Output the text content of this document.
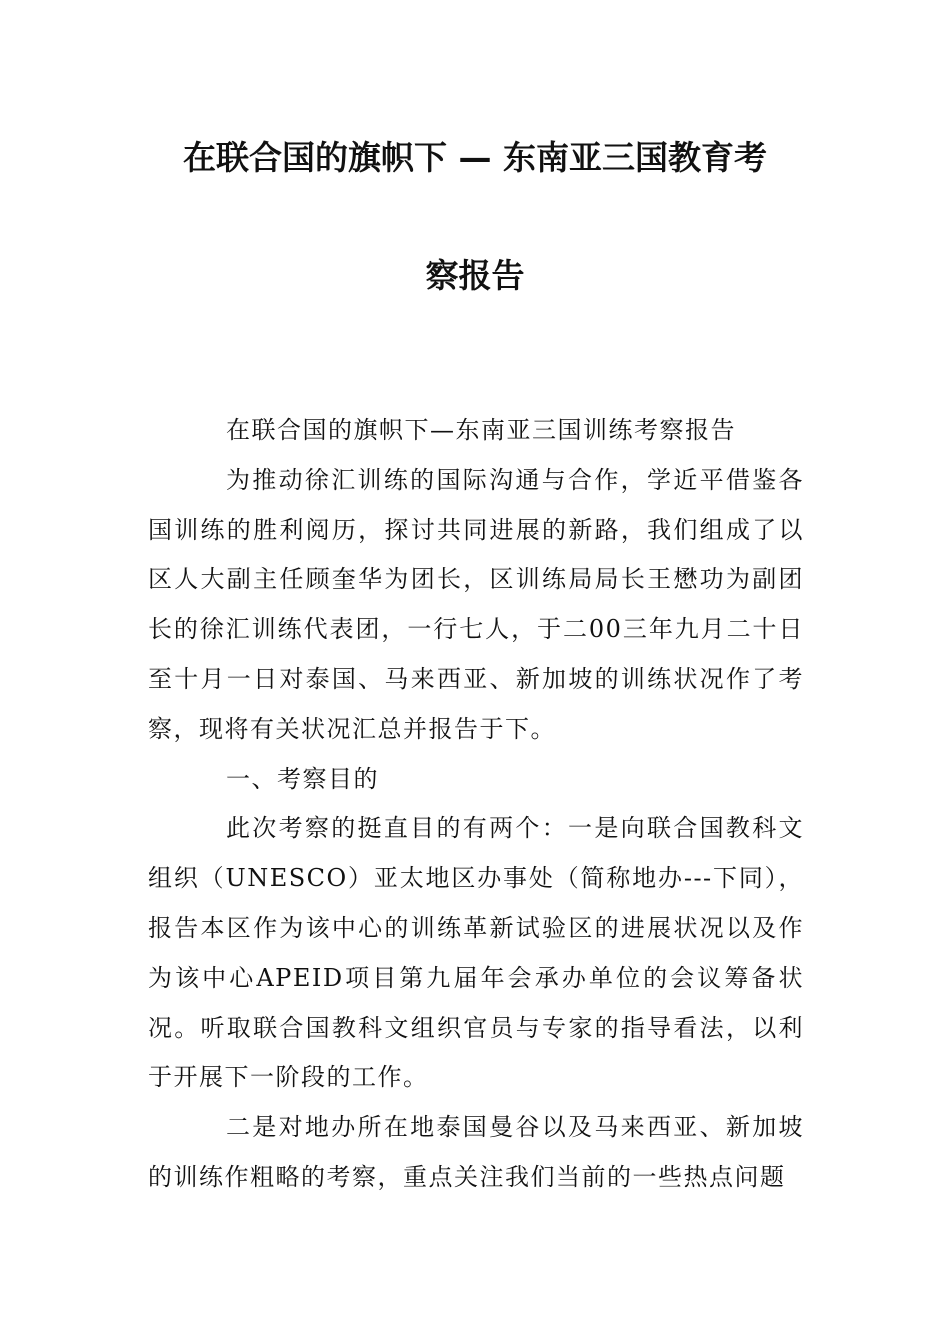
在联合国的旗帜下 — 东南亚三国教育考
察报告

在联合国的旗帜下—东南亚三国训练考察报告

为推动徐汇训练的国际沟通与合作，学近平借鉴各国训练的胜利阅历，探讨共同进展的新路，我们组成了以区人大副主任顾奎华为团长，区训练局局长王懋功为副团长的徐汇训练代表团，一行七人，于二00三年九月二十日至十月一日对泰国、马来西亚、新加坡的训练状况作了考察，现将有关状况汇总并报告于下。

一、考察目的

此次考察的挺直目的有两个：一是向联合国教科文组织（UNESCO）亚太地区办事处（简称地办---下同），报告本区作为该中心的训练革新试验区的进展状况以及作为该中心APEID项目第九届年会承办单位的会议筹备状况。听取联合国教科文组织官员与专家的指导看法，以利于开展下一阶段的工作。

二是对地办所在地泰国曼谷以及马来西亚、新加坡的训练作粗略的考察，重点关注我们当前的一些热点问题
